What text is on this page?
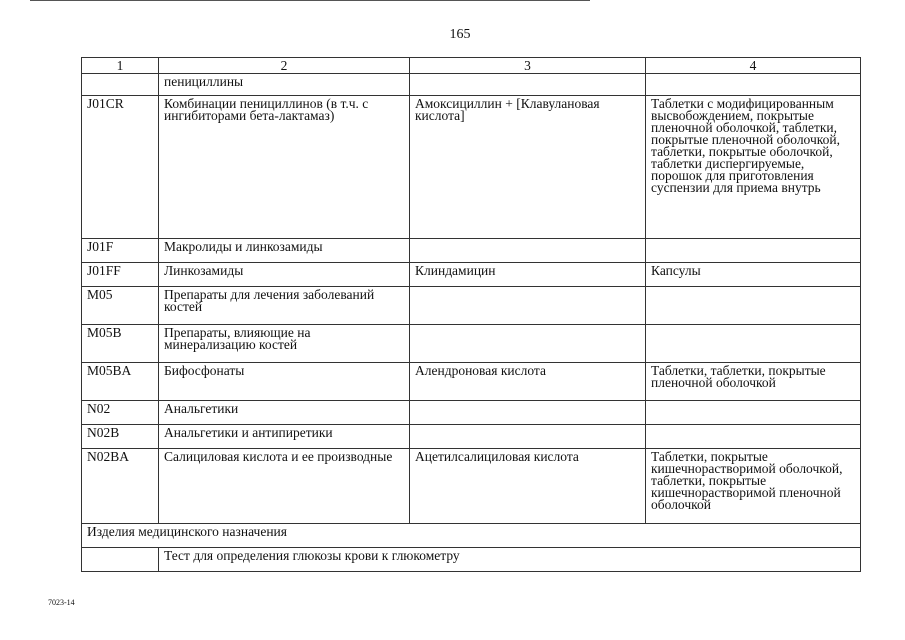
165
1	2	3	4
	пенициллины		
J01CR	Комбинации пенициллинов (в т.ч. с ингибиторами бета-лактамаз)	Амоксициллин + [Клавулановая кислота]	Таблетки с модифицированным высвобождением, покрытые пленочной оболочкой, таблетки, покрытые пленочной оболочкой, таблетки, покрытые оболочкой, таблетки диспергируемые, порошок для приготовления суспензии для приема внутрь
J01F	Макролиды и линкозамиды		
J01FF	Линкозамиды	Клиндамицин	Капсулы
M05	Препараты для лечения заболеваний костей		
M05B	Препараты, влияющие на минерализацию костей		
M05BA	Бифосфонаты	Алендроновая кислота	Таблетки, таблетки, покрытые пленочной оболочкой
N02	Анальгетики		
N02B	Анальгетики и антипиретики		
N02BA	Салициловая кислота и ее производные	Ацетилсалициловая кислота	Таблетки, покрытые кишечнорастворимой оболочкой, таблетки, покрытые кишечнорастворимой пленочной оболочкой
Изделия медицинского назначения			
	Тест для определения глюкозы крови к глюкометру		
7023-14
